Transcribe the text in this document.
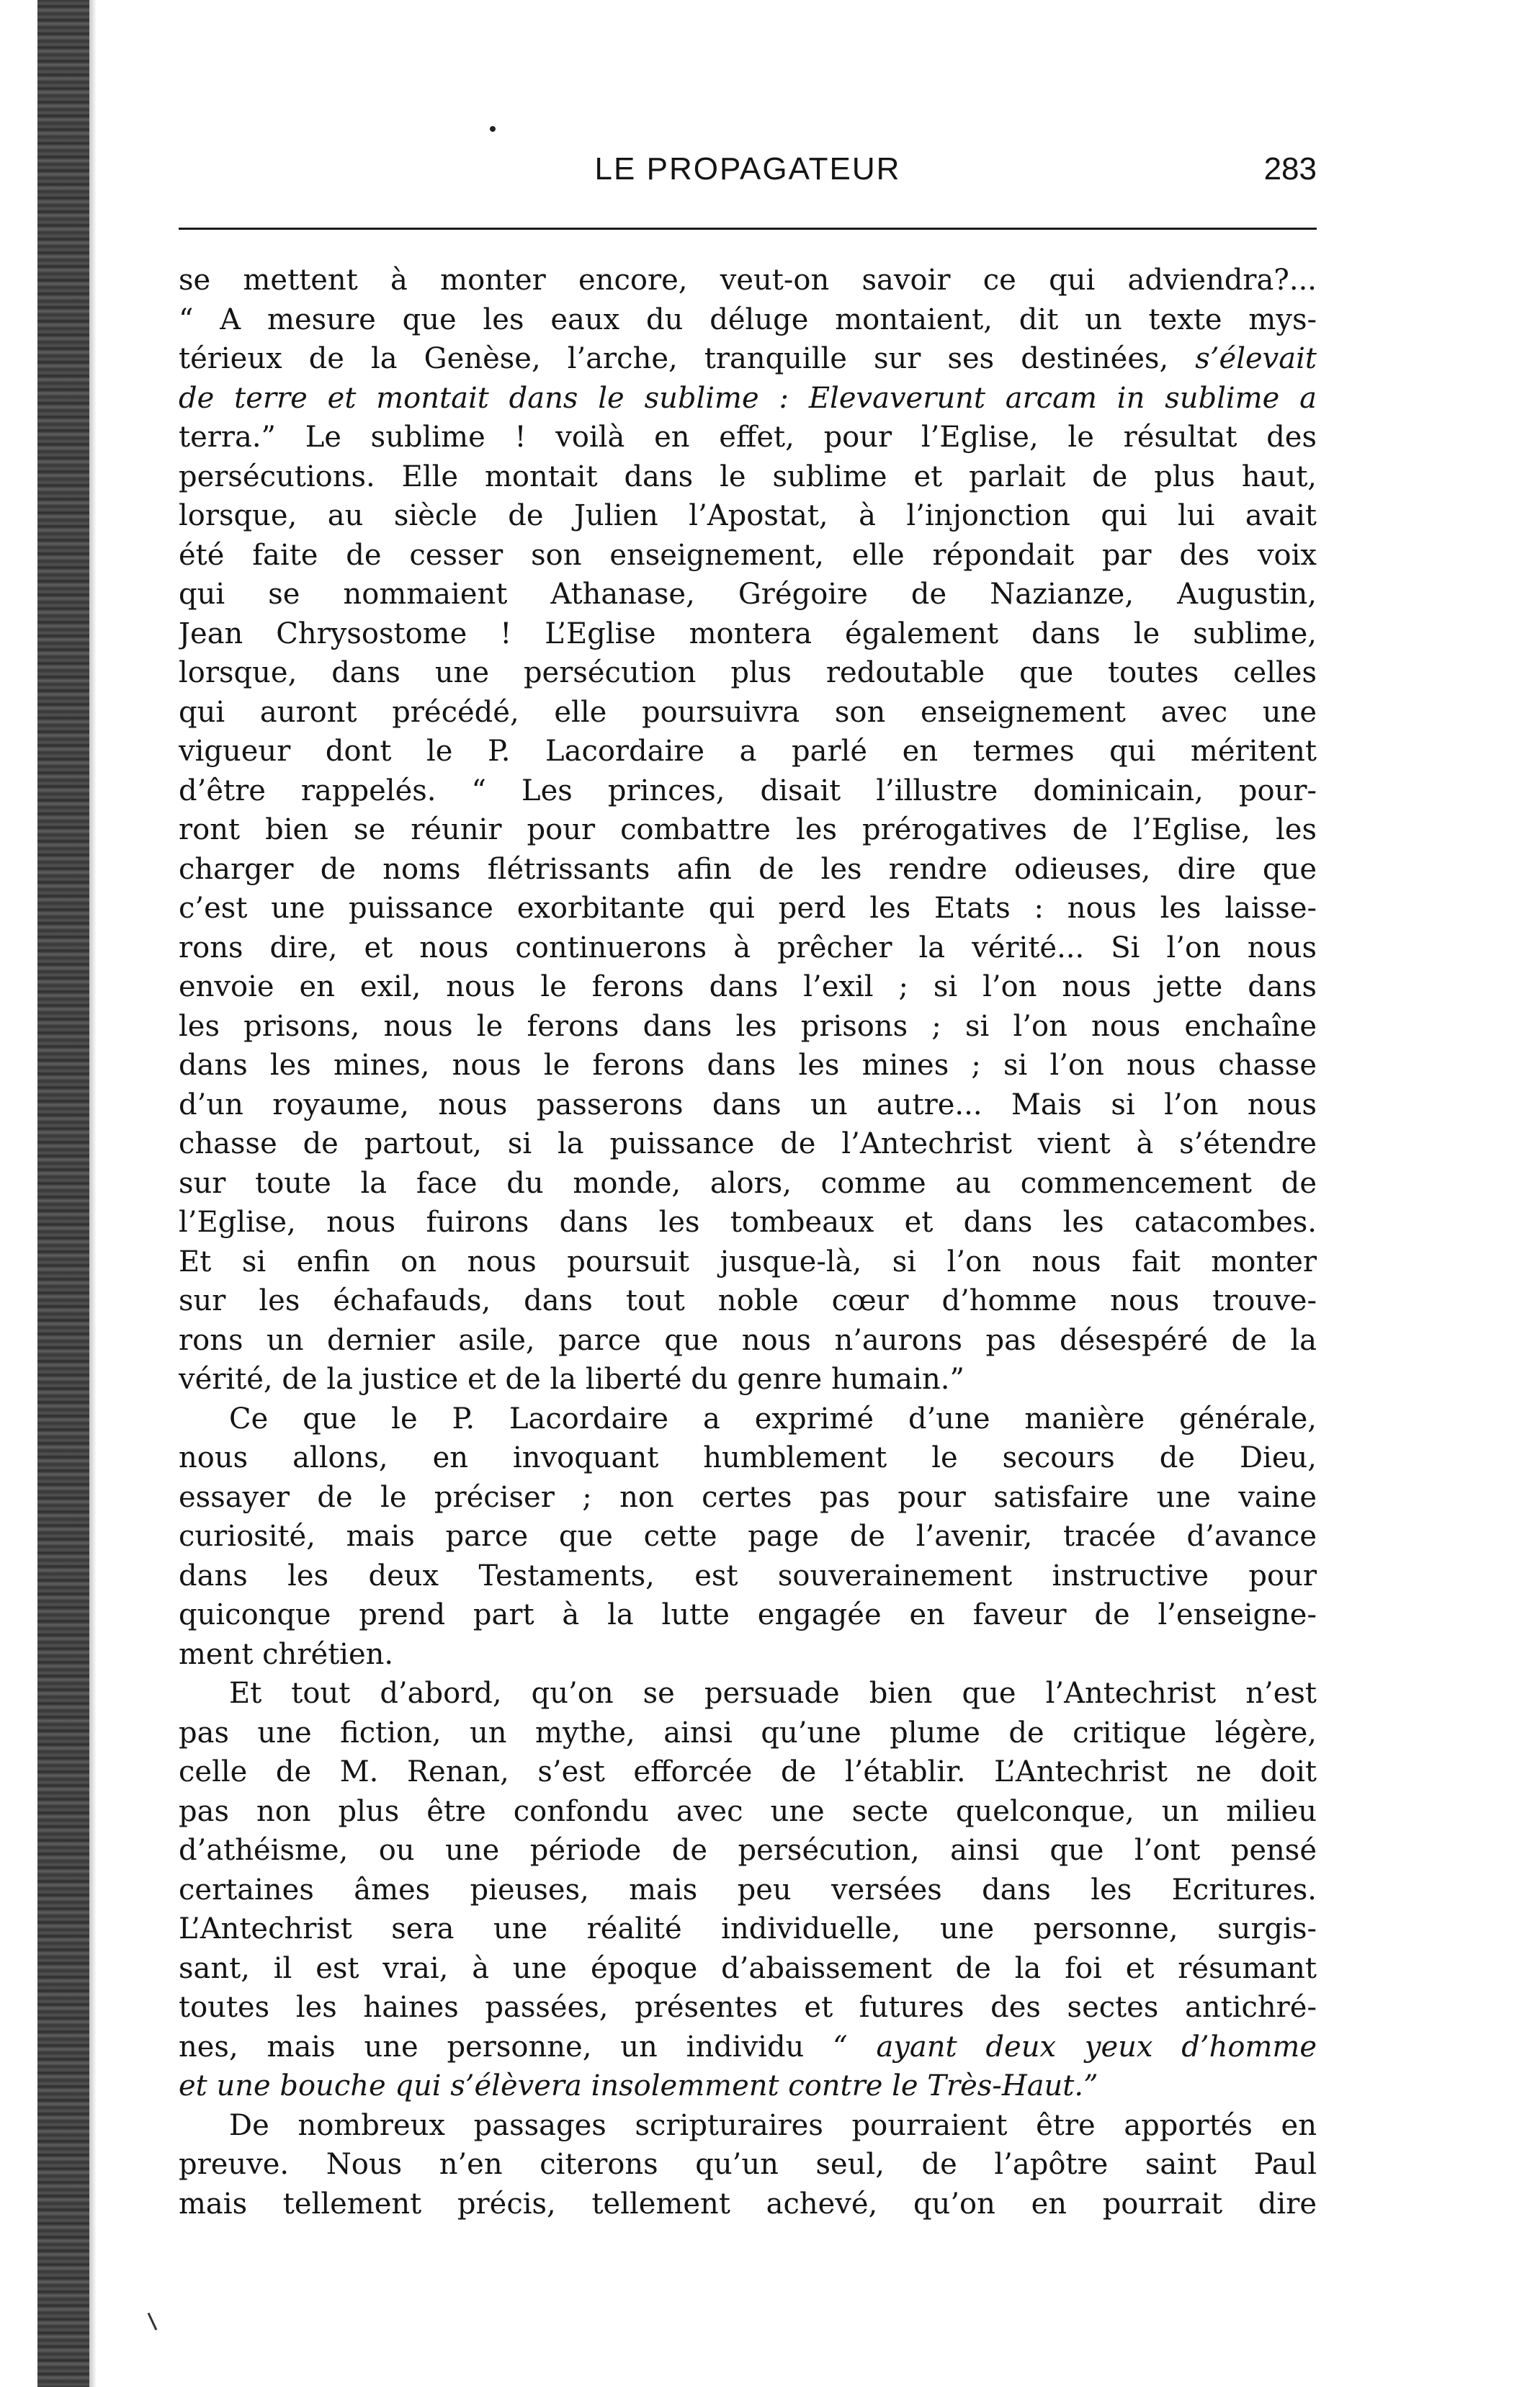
LE PROPAGATEUR	283
se mettent à monter encore, veut-on savoir ce qui adviendra?...
“ A mesure que les eaux du déluge montaient, dit un texte mys-
térieux de la Genèse, l’arche, tranquille sur ses destinées, s’élevait
de terre et montait dans le sublime : Elevaverunt arcam in sublime a
terra.” Le sublime ! voilà en effet, pour l’Eglise, le résultat des
persécutions. Elle montait dans le sublime et parlait de plus haut,
lorsque, au siècle de Julien l’Apostat, à l’injonction qui lui avait
été faite de cesser son enseignement, elle répondait par des voix
qui se nommaient Athanase, Grégoire de Nazianze, Augustin,
Jean Chrysostome ! L’Eglise montera également dans le sublime,
lorsque, dans une persécution plus redoutable que toutes celles
qui auront précédé, elle poursuivra son enseignement avec une
vigueur dont le P. Lacordaire a parlé en termes qui méritent
d’être rappelés. “ Les princes, disait l’illustre dominicain, pour-
ront bien se réunir pour combattre les prérogatives de l’Eglise, les
charger de noms flétrissants afin de les rendre odieuses, dire que
c’est une puissance exorbitante qui perd les Etats : nous les laisse-
rons dire, et nous continuerons à prêcher la vérité... Si l’on nous
envoie en exil, nous le ferons dans l’exil ; si l’on nous jette dans
les prisons, nous le ferons dans les prisons ; si l’on nous enchaîne
dans les mines, nous le ferons dans les mines ; si l’on nous chasse
d’un royaume, nous passerons dans un autre... Mais si l’on nous
chasse de partout, si la puissance de l’Antechrist vient à s’étendre
sur toute la face du monde, alors, comme au commencement de
l’Eglise, nous fuirons dans les tombeaux et dans les catacombes.
Et si enfin on nous poursuit jusque-là, si l’on nous fait monter
sur les échafauds, dans tout noble cœur d’homme nous trouve-
rons un dernier asile, parce que nous n’aurons pas désespéré de la
vérité, de la justice et de la liberté du genre humain.”
Ce que le P. Lacordaire a exprimé d’une manière générale,
nous allons, en invoquant humblement le secours de Dieu,
essayer de le préciser ; non certes pas pour satisfaire une vaine
curiosité, mais parce que cette page de l’avenir, tracée d’avance
dans les deux Testaments, est souverainement instructive pour
quiconque prend part à la lutte engagée en faveur de l’enseigne-
ment chrétien.
Et tout d’abord, qu’on se persuade bien que l’Antechrist n’est
pas une fiction, un mythe, ainsi qu’une plume de critique légère,
celle de M. Renan, s’est efforcée de l’établir. L’Antechrist ne doit
pas non plus être confondu avec une secte quelconque, un milieu
d’athéisme, ou une période de persécution, ainsi que l’ont pensé
certaines âmes pieuses, mais peu versées dans les Ecritures.
L’Antechrist sera une réalité individuelle, une personne, surgis-
sant, il est vrai, à une époque d’abaissement de la foi et résumant
toutes les haines passées, présentes et futures des sectes antichré-
nes, mais une personne, un individu “ ayant deux yeux d’homme
et une bouche qui s’élèvera insolemment contre le Très-Haut.”
De nombreux passages scripturaires pourraient être apportés en
preuve. Nous n’en citerons qu’un seul, de l’apôtre saint Paul
mais tellement précis, tellement achevé, qu’on en pourrait dire
